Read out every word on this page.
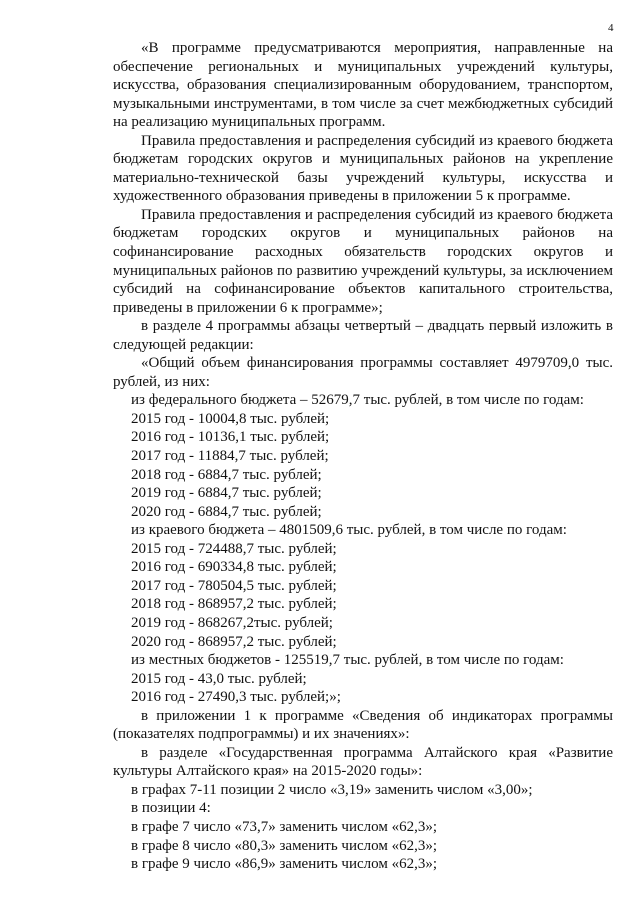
4

«В программе предусматриваются мероприятия, направленные на обеспечение региональных и муниципальных учреждений культуры, искусства, образования специализированным оборудованием, транспортом, музыкальными инструментами, в том числе за счет межбюджетных субсидий на реализацию муниципальных программ.

Правила предоставления и распределения субсидий из краевого бюджета бюджетам городских округов и муниципальных районов на укрепление материально-технической базы учреждений культуры, искусства и художественного образования приведены в приложении 5 к программе.

Правила предоставления и распределения субсидий из краевого бюджета бюджетам городских округов и муниципальных районов на софинансирование расходных обязательств городских округов и муниципальных районов по развитию учреждений культуры, за исключением субсидий на софинансирование объектов капитального строительства, приведены в приложении 6 к программе»;

в разделе 4 программы абзацы четвертый – двадцать первый изложить в следующей редакции:

«Общий объем финансирования программы составляет 4979709,0 тыс. рублей, из них:

из федерального бюджета – 52679,7 тыс. рублей, в том числе по годам:

2015 год - 10004,8 тыс. рублей;

2016 год - 10136,1 тыс. рублей;

2017 год - 11884,7 тыс. рублей;

2018 год - 6884,7 тыс. рублей;

2019 год - 6884,7 тыс. рублей;

2020 год - 6884,7 тыс. рублей;

из краевого бюджета – 4801509,6 тыс. рублей, в том числе по годам:

2015 год - 724488,7 тыс. рублей;

2016 год - 690334,8 тыс. рублей;

2017 год - 780504,5 тыс. рублей;

2018 год - 868957,2 тыс. рублей;

2019 год - 868267,2тыс. рублей;

2020 год - 868957,2 тыс. рублей;

из местных бюджетов - 125519,7 тыс. рублей, в том числе по годам:

2015 год - 43,0 тыс. рублей;

2016 год - 27490,3 тыс. рублей;»;

в приложении 1 к программе «Сведения об индикаторах программы (показателях подпрограммы) и их значениях»:

в разделе «Государственная программа Алтайского края «Развитие культуры Алтайского края» на 2015-2020 годы»:

в графах 7-11 позиции 2 число «3,19» заменить числом «3,00»;

в позиции 4:

в графе 7 число «73,7» заменить числом «62,3»;

в графе 8 число «80,3» заменить числом «62,3»;

в графе 9 число «86,9» заменить числом «62,3»;
